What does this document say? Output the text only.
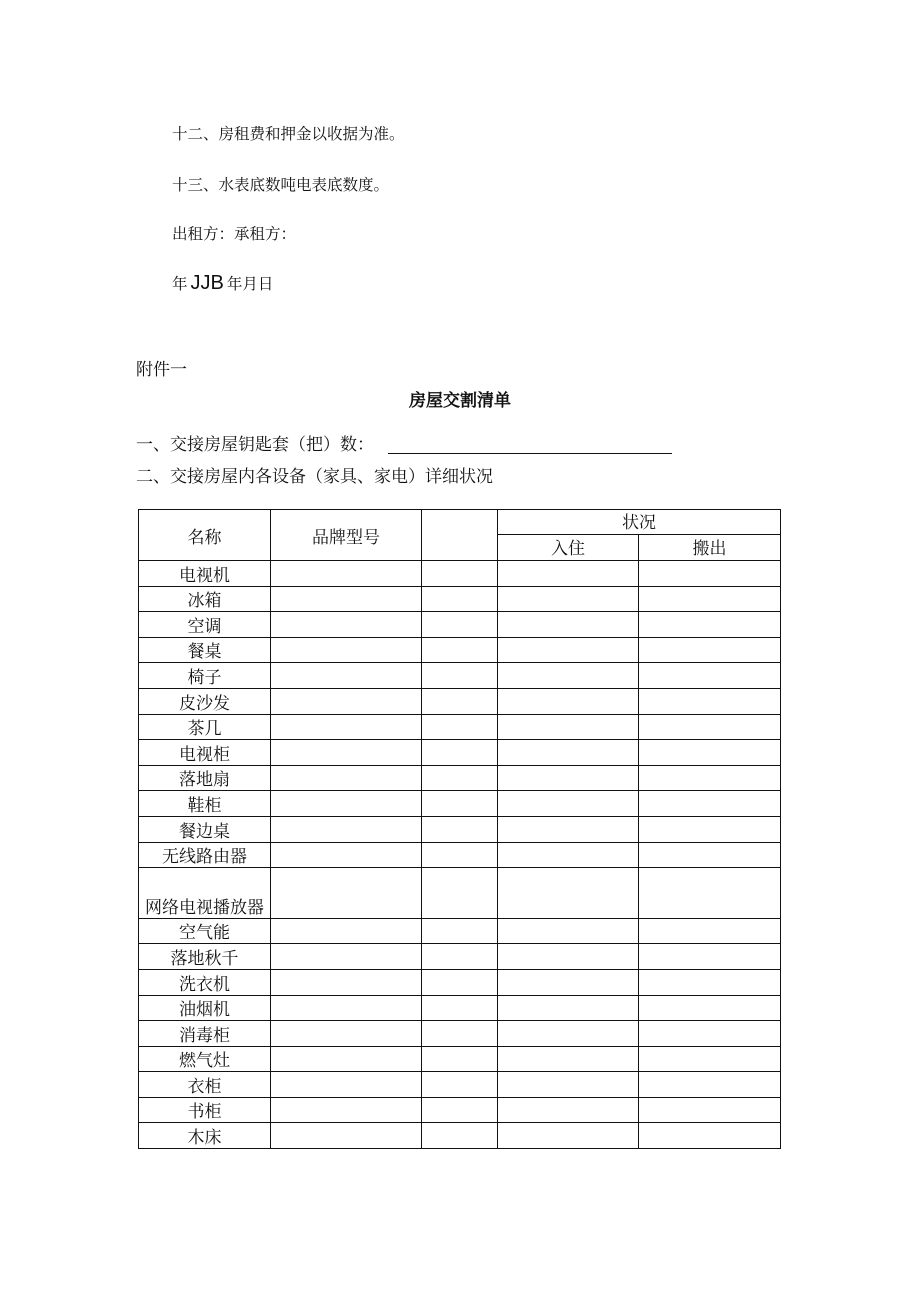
十二、房租费和押金以收据为准。
十三、水表底数吨电表底数度。
出租方：承租方：
年 JJB 年月日
附件一
房屋交割清单
一、交接房屋钥匙套（把）数：
二、交接房屋内各设备（家具、家电）详细状况
名称	品牌型号		状况	
			入住	搬出
电视机				
冰箱				
空调				
餐桌				
椅子				
皮沙发				
茶几				
电视柜				
落地扇				
鞋柜				
餐边桌				
无线路由器				
网络电视播放器				
空气能				
落地秋千				
洗衣机				
油烟机				
消毒柜				
燃气灶				
衣柜				
书柜				
木床				
